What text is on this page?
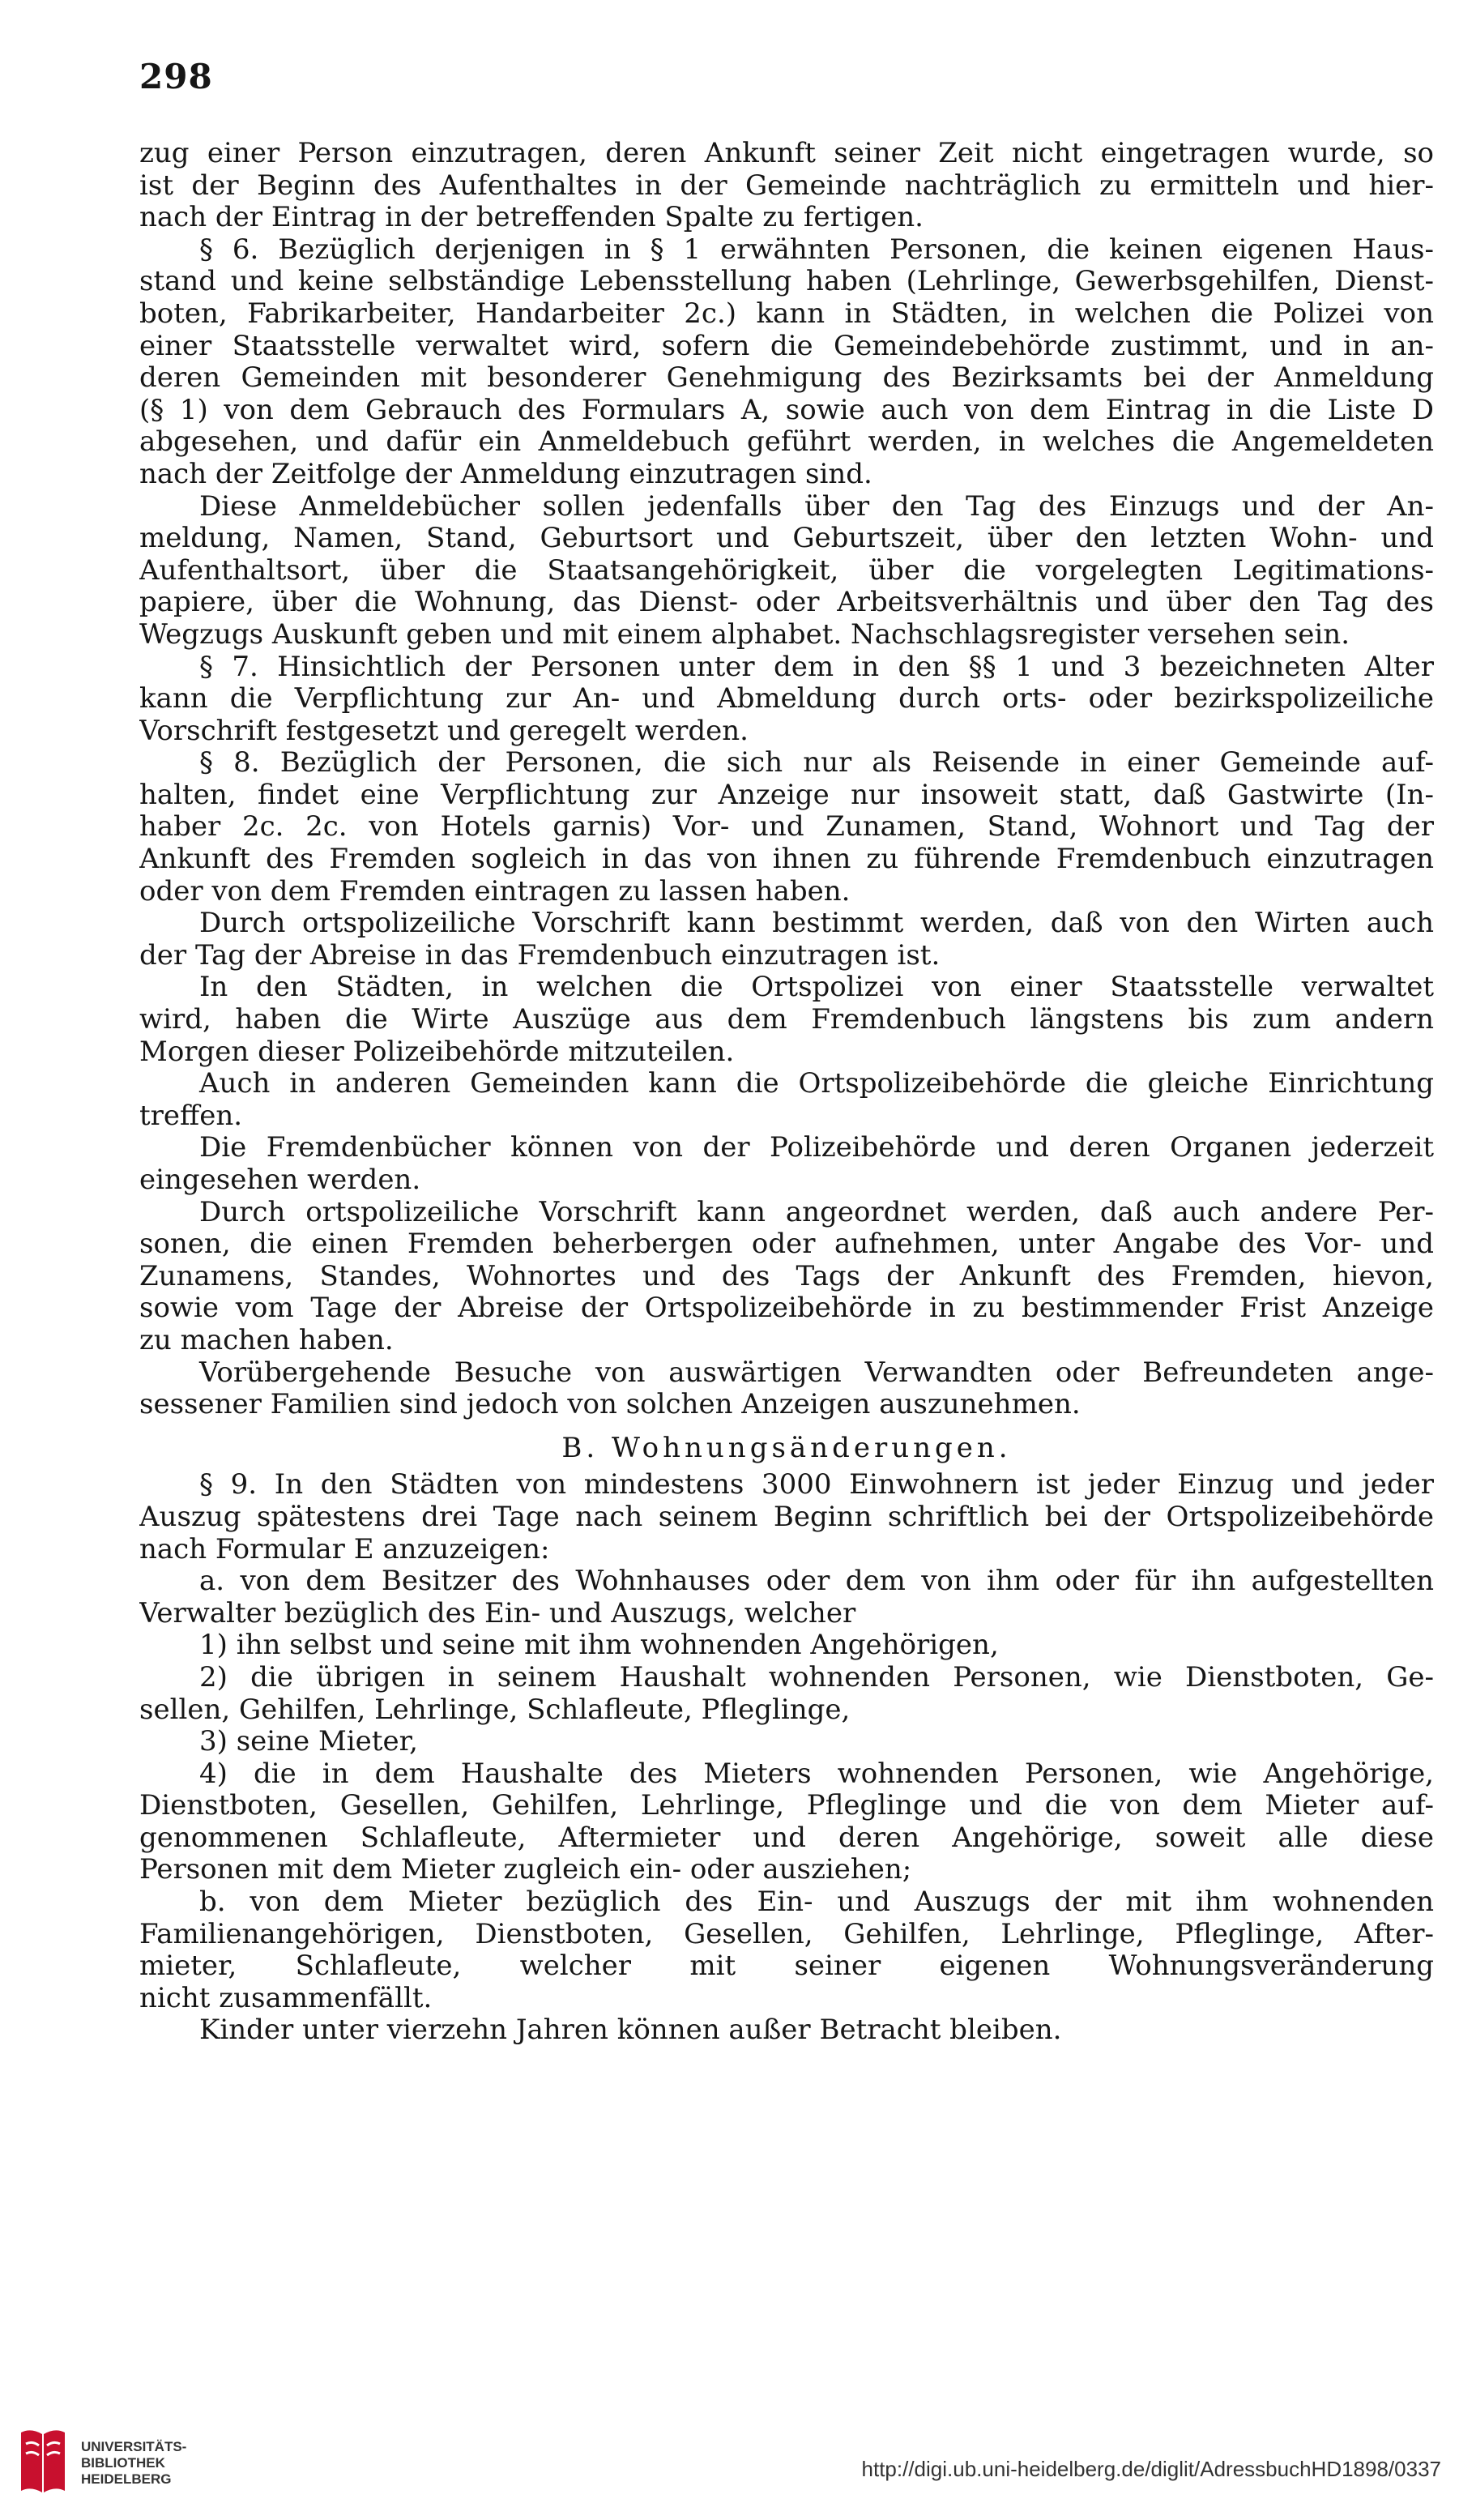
298
zug einer Person einzutragen, deren Ankunft seiner Zeit nicht eingetragen wurde, so
ist der Beginn des Aufenthaltes in der Gemeinde nachträglich zu ermitteln und hier-
nach der Eintrag in der betreffenden Spalte zu fertigen.
§ 6. Bezüglich derjenigen in § 1 erwähnten Personen, die keinen eigenen Haus-
stand und keine selbständige Lebensstellung haben (Lehrlinge, Gewerbsgehilfen, Dienst-
boten, Fabrikarbeiter, Handarbeiter 2c.) kann in Städten, in welchen die Polizei von
einer Staatsstelle verwaltet wird, sofern die Gemeindebehörde zustimmt, und in an-
deren Gemeinden mit besonderer Genehmigung des Bezirksamts bei der Anmeldung
(§ 1) von dem Gebrauch des Formulars A, sowie auch von dem Eintrag in die Liste D
abgesehen, und dafür ein Anmeldebuch geführt werden, in welches die Angemeldeten
nach der Zeitfolge der Anmeldung einzutragen sind.
Diese Anmeldebücher sollen jedenfalls über den Tag des Einzugs und der An-
meldung, Namen, Stand, Geburtsort und Geburtszeit, über den letzten Wohn- und
Aufenthaltsort, über die Staatsangehörigkeit, über die vorgelegten Legitimations-
papiere, über die Wohnung, das Dienst- oder Arbeitsverhältnis und über den Tag des
Wegzugs Auskunft geben und mit einem alphabet. Nachschlagsregister versehen sein.
§ 7. Hinsichtlich der Personen unter dem in den §§ 1 und 3 bezeichneten Alter
kann die Verpflichtung zur An- und Abmeldung durch orts- oder bezirkspolizeiliche
Vorschrift festgesetzt und geregelt werden.
§ 8. Bezüglich der Personen, die sich nur als Reisende in einer Gemeinde auf-
halten, findet eine Verpflichtung zur Anzeige nur insoweit statt, daß Gastwirte (In-
haber 2c. 2c. von Hotels garnis) Vor- und Zunamen, Stand, Wohnort und Tag der
Ankunft des Fremden sogleich in das von ihnen zu führende Fremdenbuch einzutragen
oder von dem Fremden eintragen zu lassen haben.
Durch ortspolizeiliche Vorschrift kann bestimmt werden, daß von den Wirten auch
der Tag der Abreise in das Fremdenbuch einzutragen ist.
In den Städten, in welchen die Ortspolizei von einer Staatsstelle verwaltet
wird, haben die Wirte Auszüge aus dem Fremdenbuch längstens bis zum andern
Morgen dieser Polizeibehörde mitzuteilen.
Auch in anderen Gemeinden kann die Ortspolizeibehörde die gleiche Einrichtung
treffen.
Die Fremdenbücher können von der Polizeibehörde und deren Organen jederzeit
eingesehen werden.
Durch ortspolizeiliche Vorschrift kann angeordnet werden, daß auch andere Per-
sonen, die einen Fremden beherbergen oder aufnehmen, unter Angabe des Vor- und
Zunamens, Standes, Wohnortes und des Tags der Ankunft des Fremden, hievon,
sowie vom Tage der Abreise der Ortspolizeibehörde in zu bestimmender Frist Anzeige
zu machen haben.
Vorübergehende Besuche von auswärtigen Verwandten oder Befreundeten ange-
sessener Familien sind jedoch von solchen Anzeigen auszunehmen.
B. Wohnungsänderungen.
§ 9. In den Städten von mindestens 3000 Einwohnern ist jeder Einzug und jeder
Auszug spätestens drei Tage nach seinem Beginn schriftlich bei der Ortspolizeibehörde
nach Formular E anzuzeigen:
a. von dem Besitzer des Wohnhauses oder dem von ihm oder für ihn aufgestellten
Verwalter bezüglich des Ein- und Auszugs, welcher
1) ihn selbst und seine mit ihm wohnenden Angehörigen,
2) die übrigen in seinem Haushalt wohnenden Personen, wie Dienstboten, Ge-
sellen, Gehilfen, Lehrlinge, Schlafleute, Pfleglinge,
3) seine Mieter,
4) die in dem Haushalte des Mieters wohnenden Personen, wie Angehörige,
Dienstboten, Gesellen, Gehilfen, Lehrlinge, Pfleglinge und die von dem Mieter auf-
genommenen Schlafleute, Aftermieter und deren Angehörige, soweit alle diese
Personen mit dem Mieter zugleich ein- oder ausziehen;
b. von dem Mieter bezüglich des Ein- und Auszugs der mit ihm wohnenden
Familienangehörigen, Dienstboten, Gesellen, Gehilfen, Lehrlinge, Pfleglinge, After-
mieter, Schlafleute, welcher mit seiner eigenen Wohnungsveränderung
nicht zusammenfällt.
Kinder unter vierzehn Jahren können außer Betracht bleiben.
UNIVERSITÄTS-
BIBLIOTHEK
HEIDELBERG	http://digi.ub.uni-heidelberg.de/diglit/AdressbuchHD1898/0337
